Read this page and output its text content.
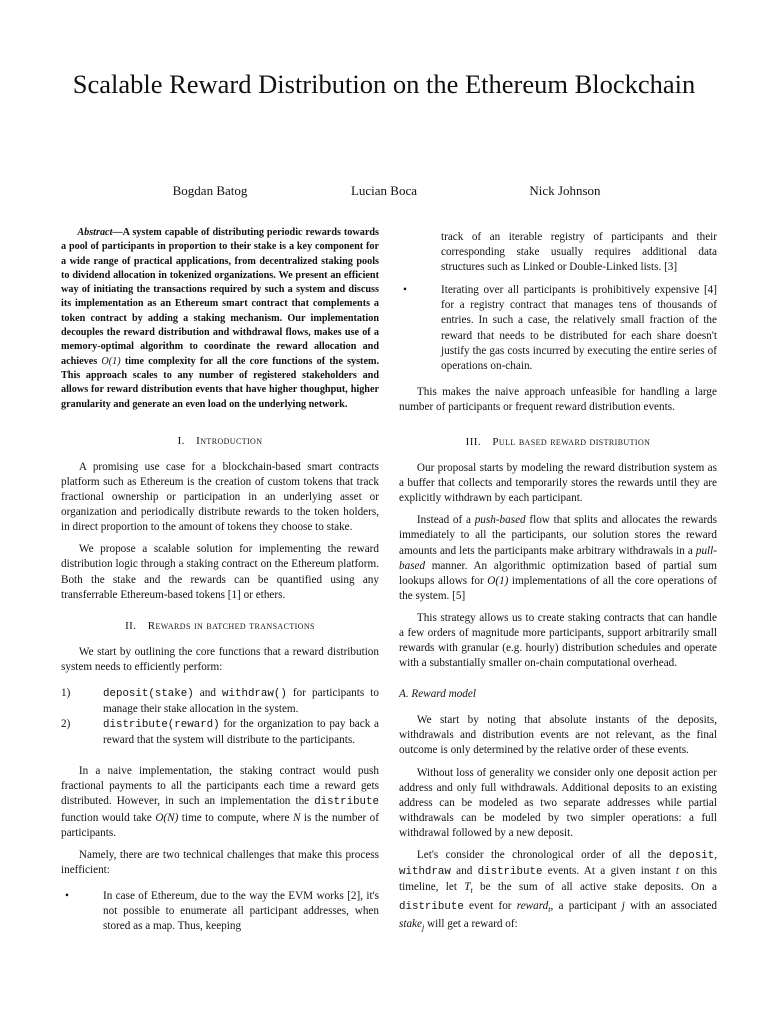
Scalable Reward Distribution on the Ethereum Blockchain
Bogdan Batog	Lucian Boca	Nick Johnson

Abstract—A system capable of distributing periodic rewards towards a pool of participants in proportion to their stake is a key component for a wide range of practical applications, from decentralized staking pools to dividend allocation in tokenized organizations. We present an efficient way of initiating the transactions required by such a system and discuss its implementation as an Ethereum smart contract that complements a token contract by adding a staking mechanism. Our implementation decouples the reward distribution and withdrawal flows, makes use of a memory-optimal algorithm to coordinate the reward allocation and achieves O(1) time complexity for all the core functions of the system. This approach scales to any number of registered stakeholders and allows for reward distribution events that have higher thoughput, higher granularity and generate an even load on the underlying network.

I. Introduction

A promising use case for a blockchain-based smart contracts platform such as Ethereum is the creation of custom tokens that track fractional ownership or participation in an underlying asset or organization and periodically distribute rewards to the token holders, in direct proportion to the amount of tokens they choose to stake.

We propose a scalable solution for implementing the reward distribution logic through a staking contract on the Ethereum platform. Both the stake and the rewards can be quantified using any transferrable Ethereum-based tokens [1] or ethers.

II. Rewards in batched transactions

We start by outlining the core functions that a reward distribution system needs to efficiently perform:

1)	deposit(stake) and withdraw() for participants to manage their stake allocation in the system.
2)	distribute(reward) for the organization to pay back a reward that the system will distribute to the participants.

In a naive implementation, the staking contract would push fractional payments to all the participants each time a reward gets distributed. However, in such an implementation the distribute function would take O(N) time to compute, where N is the number of participants.

Namely, there are two technical challenges that make this process inefficient:

•	In case of Ethereum, due to the way the EVM works [2], it's not possible to enumerate all participant addresses, when stored as a map. Thus, keeping
track of an iterable registry of participants and their corresponding stake usually requires additional data structures such as Linked or Double-Linked lists. [3]
•	Iterating over all participants is prohibitively expensive [4] for a registry contract that manages tens of thousands of entries. In such a case, the relatively small fraction of the reward that needs to be distributed for each share doesn't justify the gas costs incurred by executing the entire series of operations on-chain.

This makes the naive approach unfeasible for handling a large number of participants or frequent reward distribution events.

III. Pull based reward distribution

Our proposal starts by modeling the reward distribution system as a buffer that collects and temporarily stores the rewards until they are explicitly withdrawn by each participant.

Instead of a push-based flow that splits and allocates the rewards immediately to all the participants, our solution stores the reward amounts and lets the participants make arbitrary withdrawals in a pull-based manner. An algorithmic optimization based of partial sum lookups allows for O(1) implementations of all the core operations of the system. [5]

This strategy allows us to create staking contracts that can handle a few orders of magnitude more participants, support arbitrarily small rewards with granular (e.g. hourly) distribution schedules and operate with a substantially smaller on-chain computational overhead.

A. Reward model

We start by noting that absolute instants of the deposits, withdrawals and distribution events are not relevant, as the final outcome is only determined by the relative order of these events.

Without loss of generality we consider only one deposit action per address and only full withdrawals. Additional deposits to an existing address can be modeled as two separate addresses while partial withdrawals can be modeled by two simpler operations: a full withdrawal followed by a new deposit.

Let's consider the chronological order of all the deposit, withdraw and distribute events. At a given instant t on this timeline, let $T_t$ be the sum of all active stake deposits. On a distribute event for reward$_t$, a participant j with an associated stake$_j$ will get a reward of:
